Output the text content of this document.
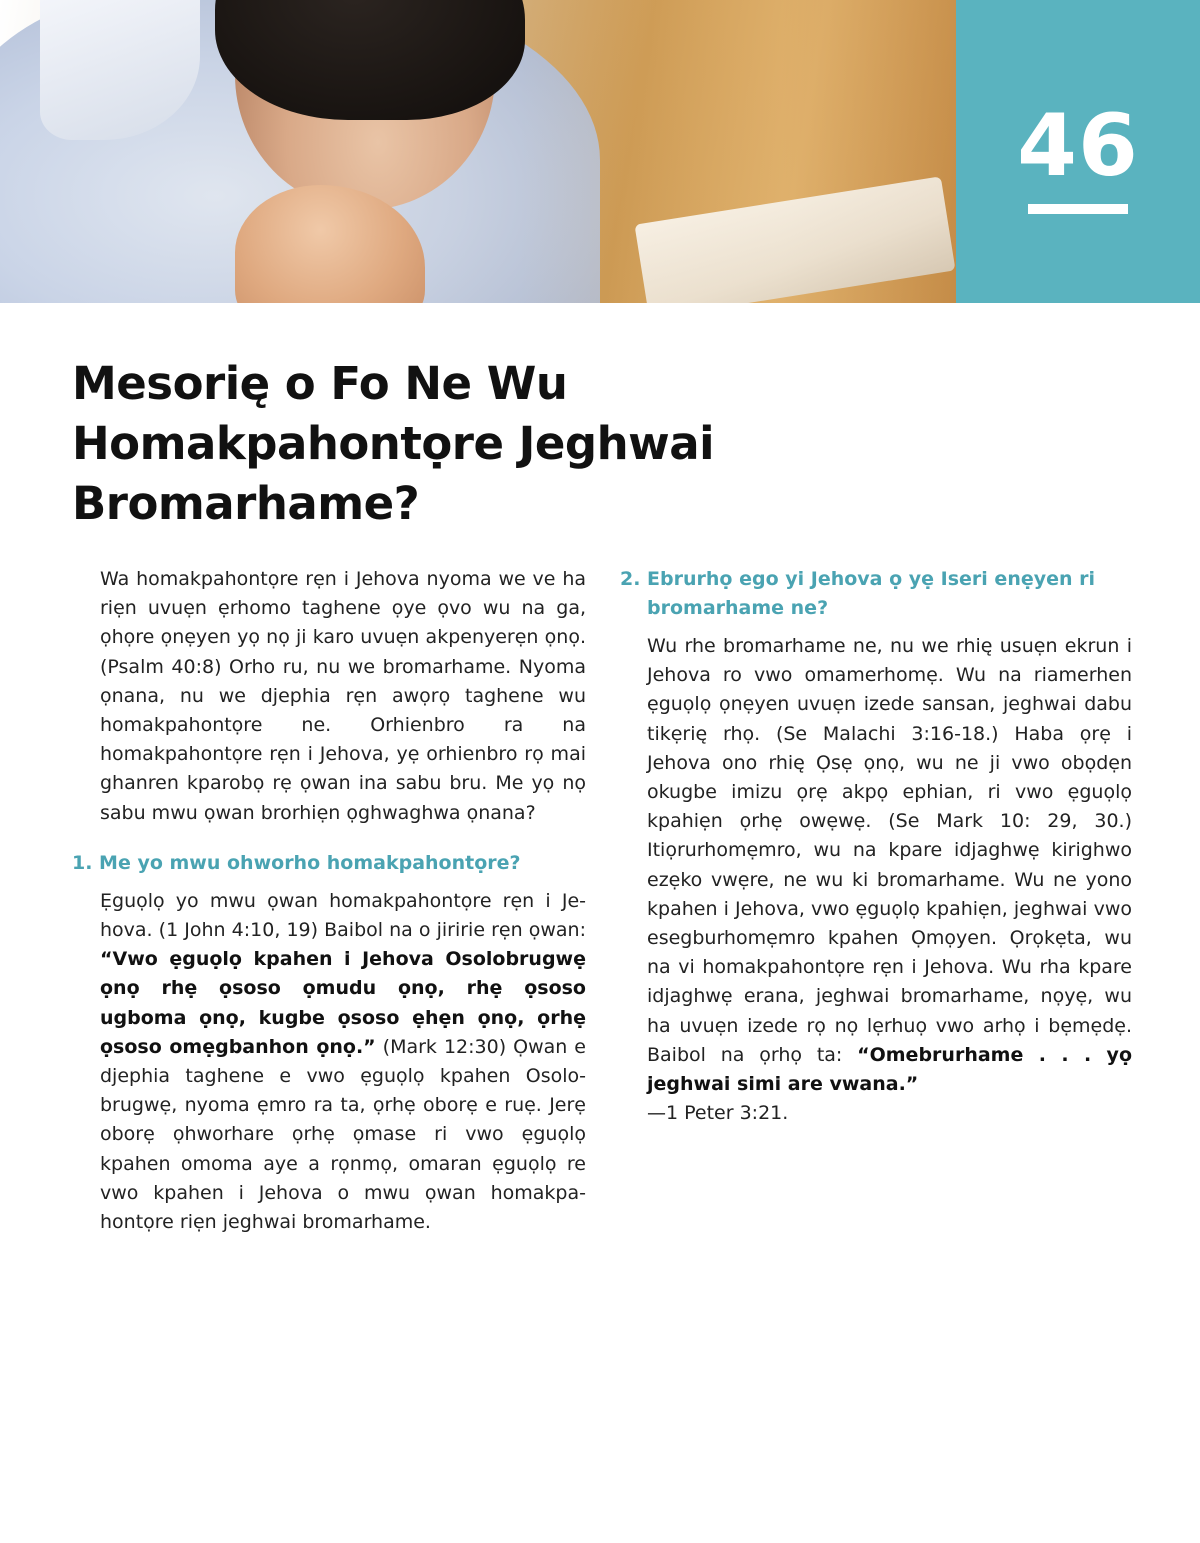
46
Mesorię o Fo Ne Wu Homakpahontọre Jeghwai Bromarhame?

Wa homakpahontọre rẹn i Jehova nyoma we ve ha riẹn uvuẹn ẹrhomo taghene ọye ọvo wu na ga, ọhọre ọnẹyen yọ nọ ji karo uvuẹn akpenyerẹn ọnọ. (Psalm 40:8) Orho ru, nu we bromarhame. Nyoma ọnana, nu we djephia rẹn awọrọ taghene wu homakpahontọre ne. Orhienbro ra na homakpahontọre rẹn i Jehova, yẹ orhienbro rọ mai ghanren kparobọ rẹ ọwan ina sabu bru. Me yọ nọ sabu mwu ọwan brorhiẹn ọghwaghwa ọnana?

1. Me yo mwu ohworho homakpahontọre?

Ẹguọlọ yo mwu ọwan homakpahontọre rẹn i Jehova. (1 John 4:10, 19) Baibol na o jiririe rẹn ọwan: “Vwo ẹguọlọ kpahen i Jehova Osolobrugwẹ ọnọ rhẹ ọsoso ọmudu ọnọ, rhẹ ọsoso ugboma ọnọ, kugbe ọsoso ẹhẹn ọnọ, ọrhẹ ọsoso omẹgbanhon ọnọ.” (Mark 12:30) Ọwan e djephia taghene e vwo ẹguọlọ kpahen Osolobrugwẹ, nyoma ẹmro ra ta, ọrhẹ oborẹ e ruẹ. Jerẹ oborẹ ọhworhare ọrhẹ ọmase ri vwo ẹguọlọ kpahen omoma aye a rọnmọ, omaran ẹguọlọ re vwo kpahen i Jehova o mwu ọwan homakpahontọre riẹn jeghwai bromarhame.

2. Ebrurhọ ego yi Jehova ọ yẹ Iseri enẹyen ri bromarhame ne?

Wu rhe bromarhame ne, nu we rhię usuẹn ekrun i Jehova ro vwo omamerhomẹ. Wu na riamerhen ẹguọlọ ọnẹyen uvuẹn izede sansan, jeghwai dabu tikẹrię rhọ. (Se Malachi 3:16-18.) Haba ọrẹ i Jehova ono rhię Ọsẹ ọnọ, wu ne ji vwo obọdẹn okugbe imizu ọrẹ akpọ ephian, ri vwo ẹguọlọ kpahiẹn ọrhẹ owẹwẹ. (Se Mark 10: 29, 30.) Itiọrurhomẹmro, wu na kpare idjaghwẹ kirighwo ezẹko vwẹre, ne wu ki bromarhame. Wu ne yono kpahen i Jehova, vwo ẹguọlọ kpahiẹn, jeghwai vwo esegburhomẹmro kpahen Ọmọyen. Ọrọkẹta, wu na vi homakpahontọre rẹn i Jehova. Wu rha kpare idjaghwẹ erana, jeghwai bromarhame, nọyẹ, wu ha uvuẹn izede rọ nọ lẹrhuọ vwo arhọ i bẹmẹdẹ. Baibol na ọrhọ ta: “Omebrurhame . . . yọ jeghwai simi are vwana.”
—1 Peter 3:21.
